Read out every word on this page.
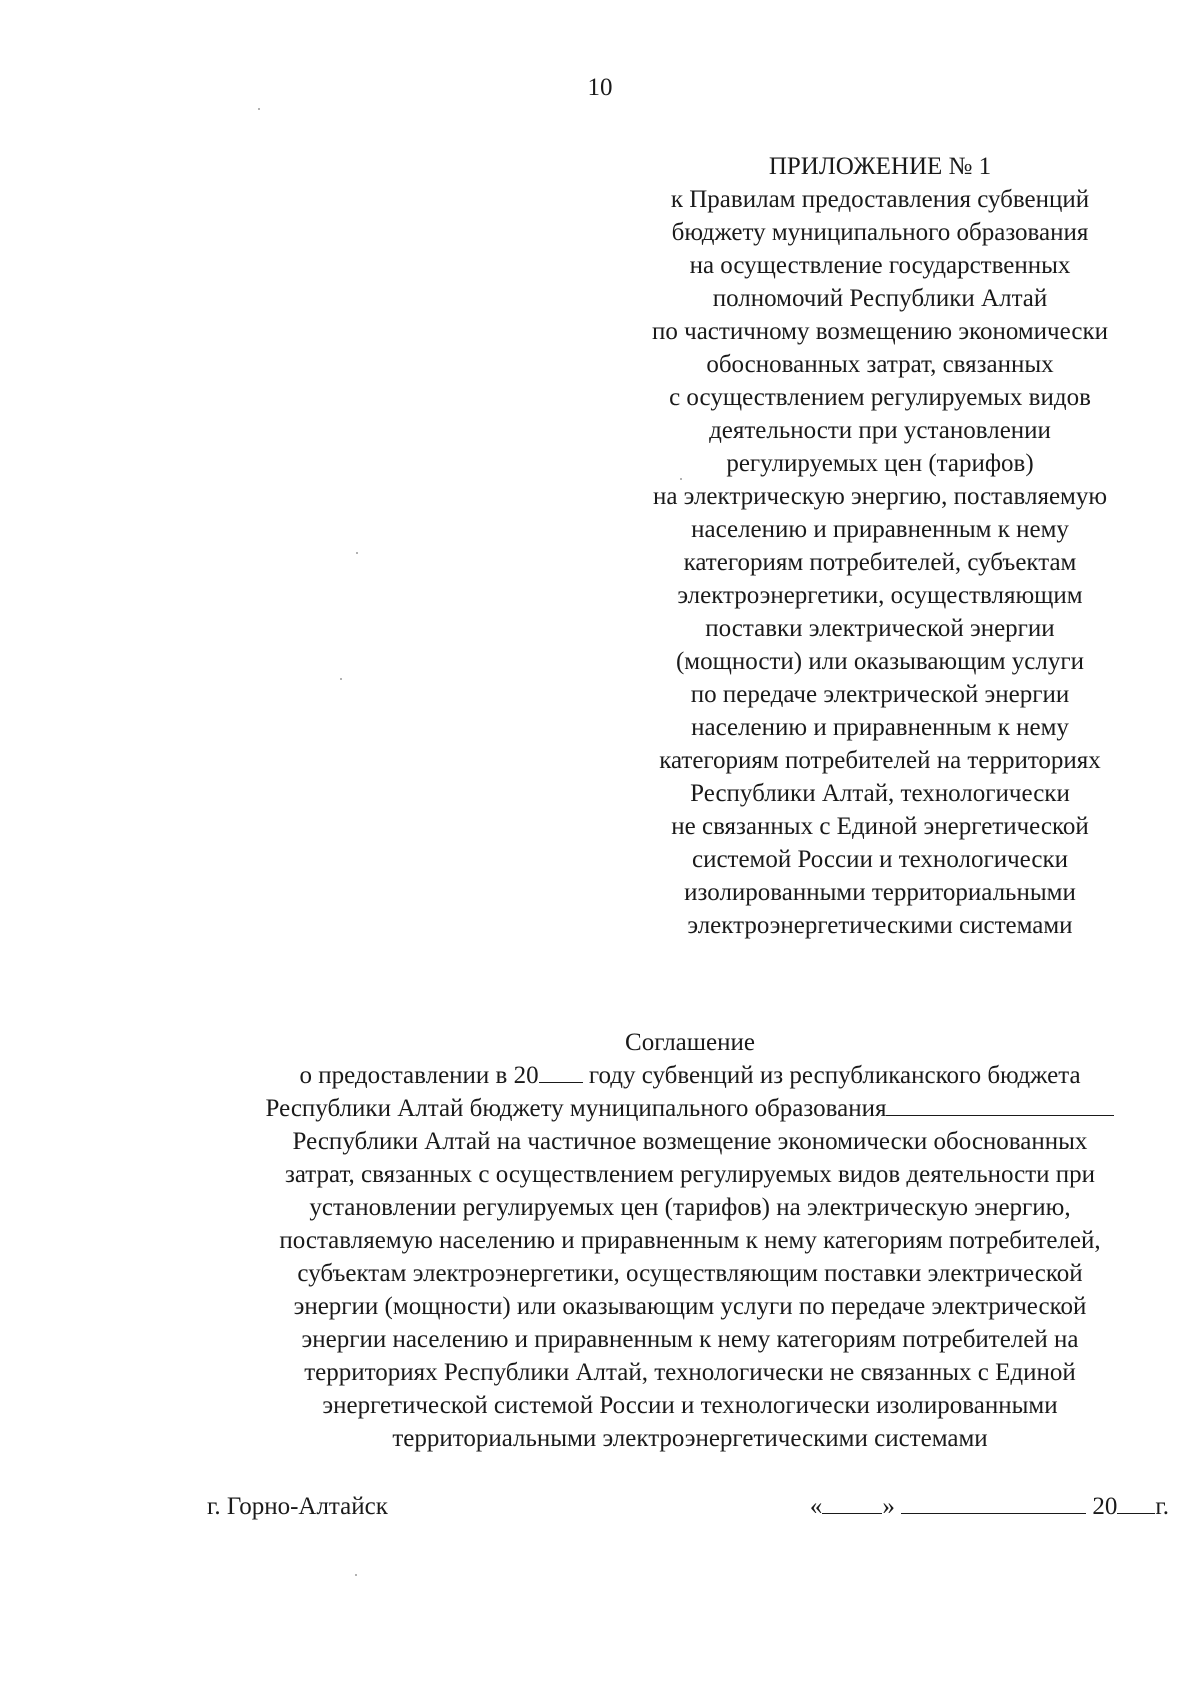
10
ПРИЛОЖЕНИЕ № 1
к Правилам предоставления субвенций
бюджету муниципального образования
на осуществление государственных
полномочий Республики Алтай
по частичному возмещению экономически
обоснованных затрат, связанных
с осуществлением регулируемых видов
деятельности при установлении
регулируемых цен (тарифов)
на электрическую энергию, поставляемую
населению и приравненным к нему
категориям потребителей, субъектам
электроэнергетики, осуществляющим
поставки электрической энергии
(мощности) или оказывающим услуги
по передаче электрической энергии
населению и приравненным к нему
категориям потребителей на территориях
Республики Алтай, технологически
не связанных с Единой энергетической
системой России и технологически
изолированными территориальными
электроэнергетическими системами
Соглашение
о предоставлении в 20 году субвенций из республиканского бюджета
Республики Алтай бюджету муниципального образования
Республики Алтай на частичное возмещение экономически обоснованных
затрат, связанных с осуществлением регулируемых видов деятельности при
установлении регулируемых цен (тарифов) на электрическую энергию,
поставляемую населению и приравненным к нему категориям потребителей,
субъектам электроэнергетики, осуществляющим поставки электрической
энергии (мощности) или оказывающим услуги по передаче электрической
энергии населению и приравненным к нему категориям потребителей на
территориях Республики Алтай, технологически не связанных с Единой
энергетической системой России и технологически изолированными
территориальными электроэнергетическими системами
г. Горно-Алтайск	« »	20 г.
